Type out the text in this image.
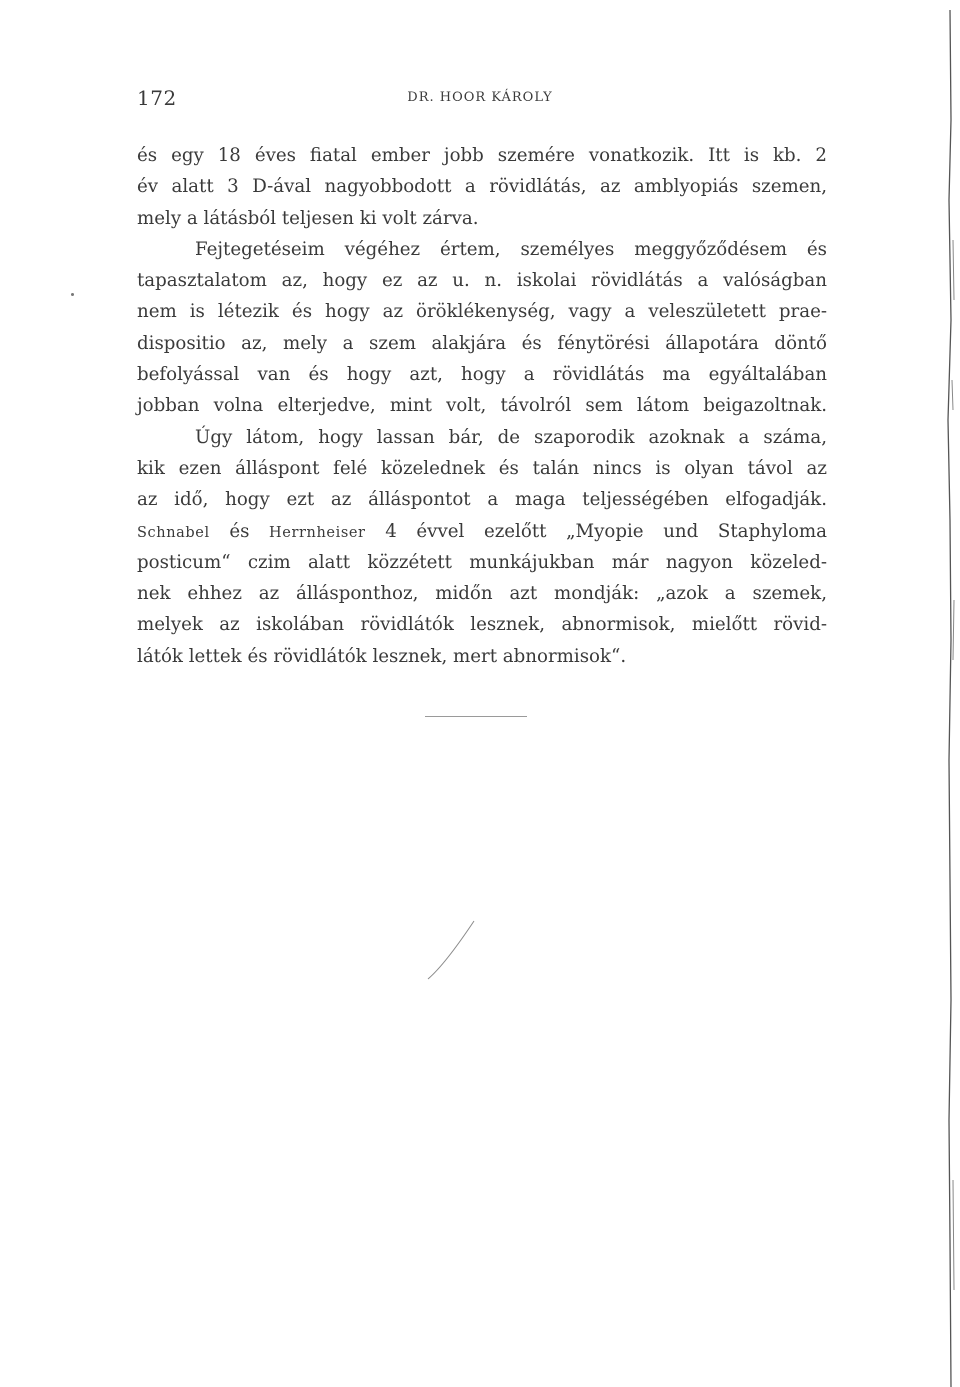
172	DR. HOOR KÁROLY
és egy 18 éves fiatal ember jobb szemére vonatkozik. Itt is kb. 2
év alatt 3 D-ával nagyobbodott a rövidlátás, az amblyopiás szemen,
mely a látásból teljesen ki volt zárva.
Fejtegetéseim végéhez értem, személyes meggyőződésem és
tapasztalatom az, hogy ez az u. n. iskolai rövidlátás a valóságban
nem is létezik és hogy az öröklékenység, vagy a veleszületett prae-
dispositio az, mely a szem alakjára és fénytörési állapotára döntő
befolyással van és hogy azt, hogy a rövidlátás ma egyáltalában
jobban volna elterjedve, mint volt, távolról sem látom beigazoltnak.
Úgy látom, hogy lassan bár, de szaporodik azoknak a száma,
kik ezen álláspont felé közelednek és talán nincs is olyan távol az
az idő, hogy ezt az álláspontot a maga teljességében elfogadják.
Schnabel és Herrnheiser 4 évvel ezelőtt „Myopie und Staphyloma
posticum“ czim alatt közzétett munkájukban már nagyon közeled-
nek ehhez az állásponthoz, midőn azt mondják: „azok a szemek,
melyek az iskolában rövidlátók lesznek, abnormisok, mielőtt rövid-
látók lettek és rövidlátók lesznek, mert abnormisok“.
